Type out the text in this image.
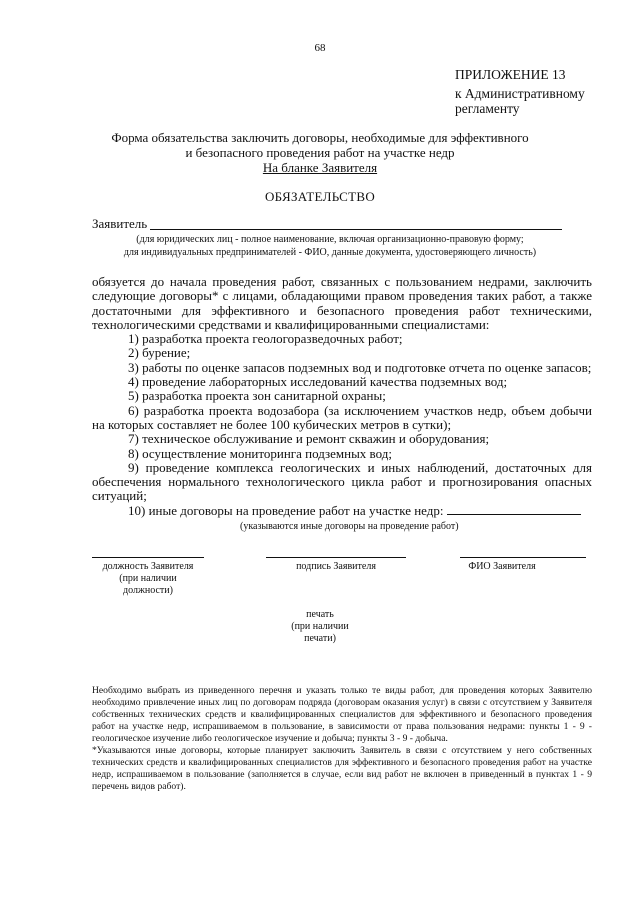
68
ПРИЛОЖЕНИЕ 13
к Административному
регламенту
Форма обязательства заключить договоры, необходимые для эффективного
и безопасного проведения работ на участке недр
На бланке Заявителя
ОБЯЗАТЕЛЬСТВО
Заявитель
(для юридических лиц - полное наименование, включая организационно-правовую форму;
для индивидуальных предпринимателей - ФИО, данные документа, удостоверяющего личность)

обязуется до начала проведения работ, связанных с пользованием недрами, заключить следующие договоры* с лицами, обладающими правом проведения таких работ, а также достаточными для эффективного и безопасного проведения работ техническими, технологическими средствами и квалифицированными специалистами:

1) разработка проекта геологоразведочных работ;

2) бурение;

3) работы по оценке запасов подземных вод и подготовке отчета по оценке запасов;

4) проведение лабораторных исследований качества подземных вод;

5) разработка проекта зон санитарной охраны;

6) разработка проекта водозабора (за исключением участков недр, объем добычи на которых составляет не более 100 кубических метров в сутки);

7) техническое обслуживание и ремонт скважин и оборудования;

8) осуществление мониторинга подземных вод;

9) проведение комплекса геологических и иных наблюдений, достаточных для обеспечения нормального технологического цикла работ и прогнозирования опасных ситуаций;

10) иные договоры на проведение работ на участке недр:

(указываются иные договоры на проведение работ)
должность Заявителя
(при наличии
должности)
подпись Заявителя	ФИО Заявителя
печать
(при наличии
печати)

Необходимо выбрать из приведенного перечня и указать только те виды работ, для проведения которых Заявителю необходимо привлечение иных лиц по договорам подряда (договорам оказания услуг) в связи с отсутствием у Заявителя собственных технических средств и квалифицированных специалистов для эффективного и безопасного проведения работ на участке недр, испрашиваемом в пользование, в зависимости от права пользования недрами: пункты 1 - 9 - геологическое изучение либо геологическое изучение и добыча; пункты 3 - 9 - добыча.

*Указываются иные договоры, которые планирует заключить Заявитель в связи с отсутствием у него собственных технических средств и квалифицированных специалистов для эффективного и безопасного проведения работ на участке недр, испрашиваемом в пользование (заполняется в случае, если вид работ не включен в приведенный в пунктах 1 - 9 перечень видов работ).
